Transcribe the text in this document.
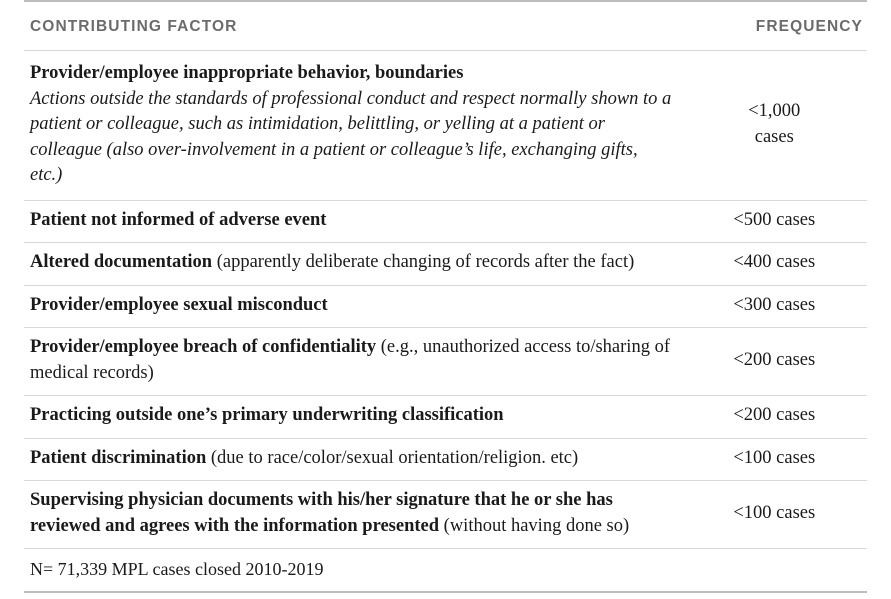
CONTRIBUTING FACTOR	FREQUENCY
Provider/employee inappropriate behavior, boundaries
Actions outside the standards of professional conduct and respect normally shown to a patient or colleague, such as intimidation, belittling, or yelling at a patient or colleague (also over-involvement in a patient or colleague’s life, exchanging gifts, etc.)	<1,000
cases

Patient not informed of adverse event	<500 cases
Altered documentation (apparently deliberate changing of records after the fact)	<400 cases
Provider/employee sexual misconduct	<300 cases
Provider/employee breach of confidentiality (e.g., unauthorized access to/sharing of medical records)	<200 cases
Practicing outside one’s primary underwriting classification	<200 cases
Patient discrimination (due to race/color/sexual orientation/religion. etc)	<100 cases
Supervising physician documents with his/her signature that he or she has reviewed and agrees with the information presented (without having done so)	<100 cases
N= 71,339 MPL cases closed 2010-2019	
